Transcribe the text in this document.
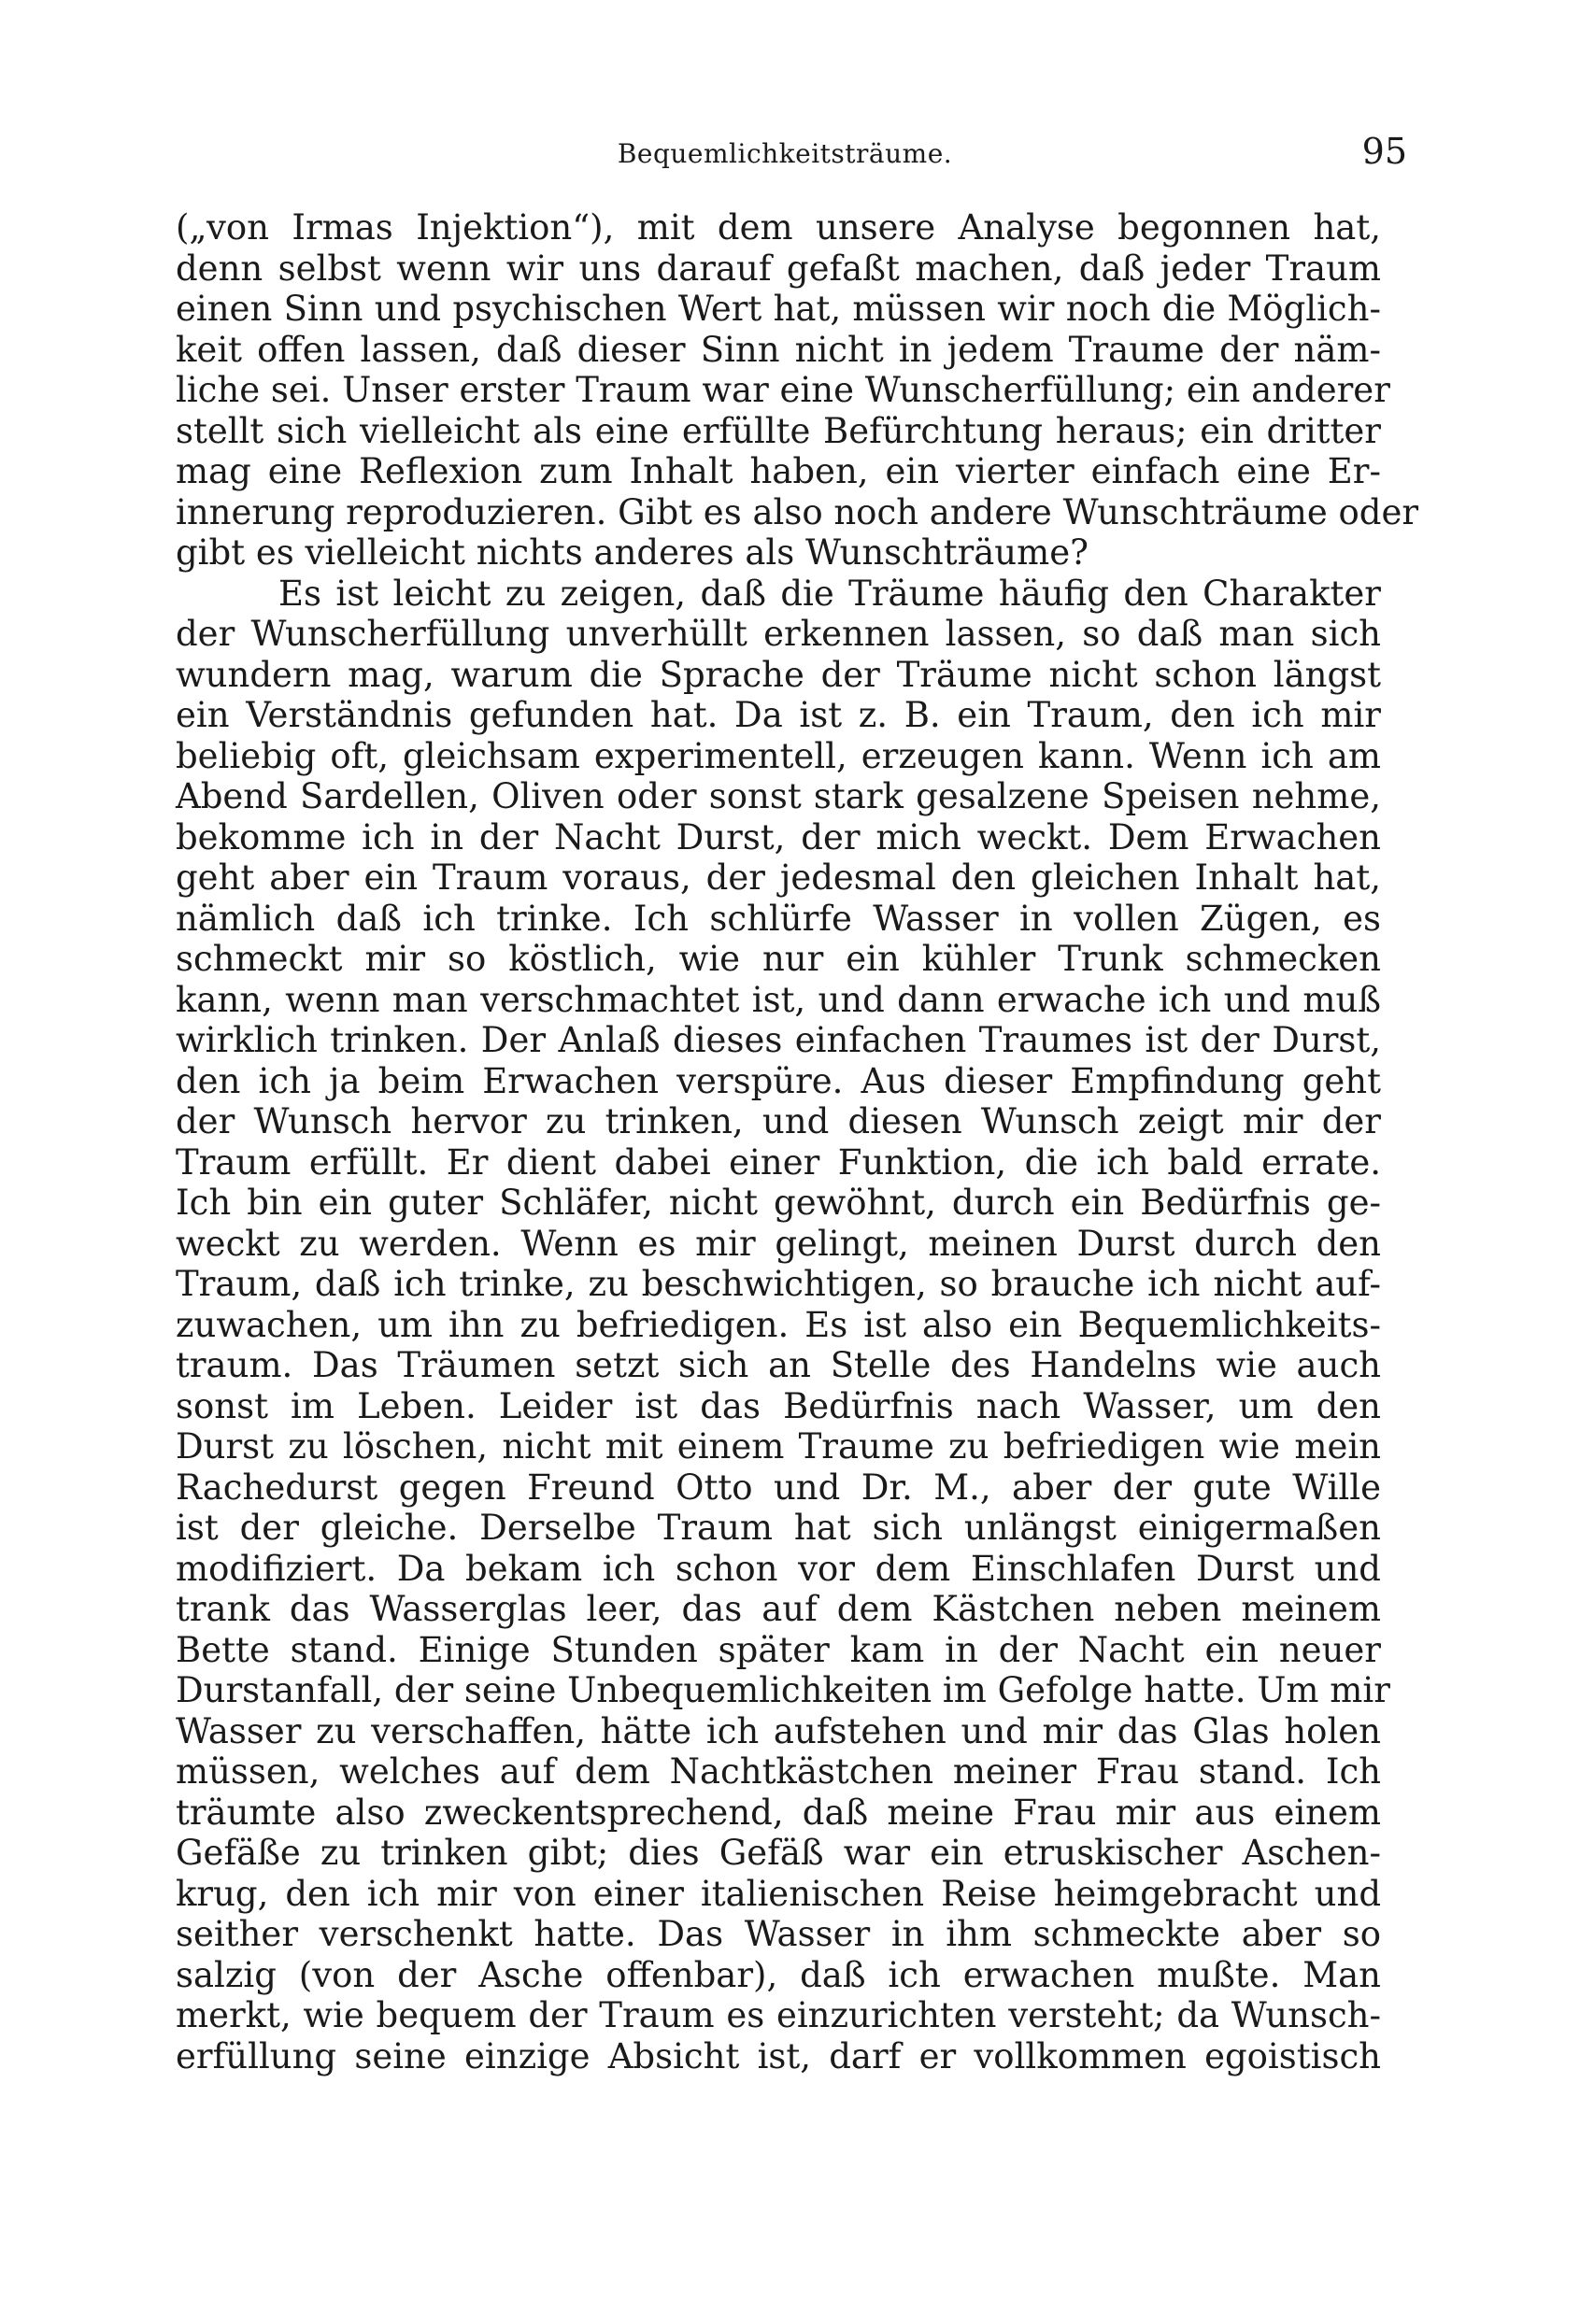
Bequemlichkeitsträume.	95
(„von Irmas Injektion“), mit dem unsere Analyse begonnen hat,
denn selbst wenn wir uns darauf gefaßt machen, daß jeder Traum
einen Sinn und psychischen Wert hat, müssen wir noch die Möglich-
keit offen lassen, daß dieser Sinn nicht in jedem Traume der näm-
liche sei. Unser erster Traum war eine Wunscherfüllung; ein anderer
stellt sich vielleicht als eine erfüllte Befürchtung heraus; ein dritter
mag eine Reflexion zum Inhalt haben, ein vierter einfach eine Er-
innerung reproduzieren. Gibt es also noch andere Wunschträume oder
gibt es vielleicht nichts anderes als Wunschträume?
Es ist leicht zu zeigen, daß die Träume häufig den Charakter
der Wunscherfüllung unverhüllt erkennen lassen, so daß man sich
wundern mag, warum die Sprache der Träume nicht schon längst
ein Verständnis gefunden hat. Da ist z. B. ein Traum, den ich mir
beliebig oft, gleichsam experimentell, erzeugen kann. Wenn ich am
Abend Sardellen, Oliven oder sonst stark gesalzene Speisen nehme,
bekomme ich in der Nacht Durst, der mich weckt. Dem Erwachen
geht aber ein Traum voraus, der jedesmal den gleichen Inhalt hat,
nämlich daß ich trinke. Ich schlürfe Wasser in vollen Zügen, es
schmeckt mir so köstlich, wie nur ein kühler Trunk schmecken
kann, wenn man verschmachtet ist, und dann erwache ich und muß
wirklich trinken. Der Anlaß dieses einfachen Traumes ist der Durst,
den ich ja beim Erwachen verspüre. Aus dieser Empfindung geht
der Wunsch hervor zu trinken, und diesen Wunsch zeigt mir der
Traum erfüllt. Er dient dabei einer Funktion, die ich bald errate.
Ich bin ein guter Schläfer, nicht gewöhnt, durch ein Bedürfnis ge-
weckt zu werden. Wenn es mir gelingt, meinen Durst durch den
Traum, daß ich trinke, zu beschwichtigen, so brauche ich nicht auf-
zuwachen, um ihn zu befriedigen. Es ist also ein Bequemlichkeits-
traum. Das Träumen setzt sich an Stelle des Handelns wie auch
sonst im Leben. Leider ist das Bedürfnis nach Wasser, um den
Durst zu löschen, nicht mit einem Traume zu befriedigen wie mein
Rachedurst gegen Freund Otto und Dr. M., aber der gute Wille
ist der gleiche. Derselbe Traum hat sich unlängst einigermaßen
modifiziert. Da bekam ich schon vor dem Einschlafen Durst und
trank das Wasserglas leer, das auf dem Kästchen neben meinem
Bette stand. Einige Stunden später kam in der Nacht ein neuer
Durstanfall, der seine Unbequemlichkeiten im Gefolge hatte. Um mir
Wasser zu verschaffen, hätte ich aufstehen und mir das Glas holen
müssen, welches auf dem Nachtkästchen meiner Frau stand. Ich
träumte also zweckentsprechend, daß meine Frau mir aus einem
Gefäße zu trinken gibt; dies Gefäß war ein etruskischer Aschen-
krug, den ich mir von einer italienischen Reise heimgebracht und
seither verschenkt hatte. Das Wasser in ihm schmeckte aber so
salzig (von der Asche offenbar), daß ich erwachen mußte. Man
merkt, wie bequem der Traum es einzurichten versteht; da Wunsch-
erfüllung seine einzige Absicht ist, darf er vollkommen egoistisch
